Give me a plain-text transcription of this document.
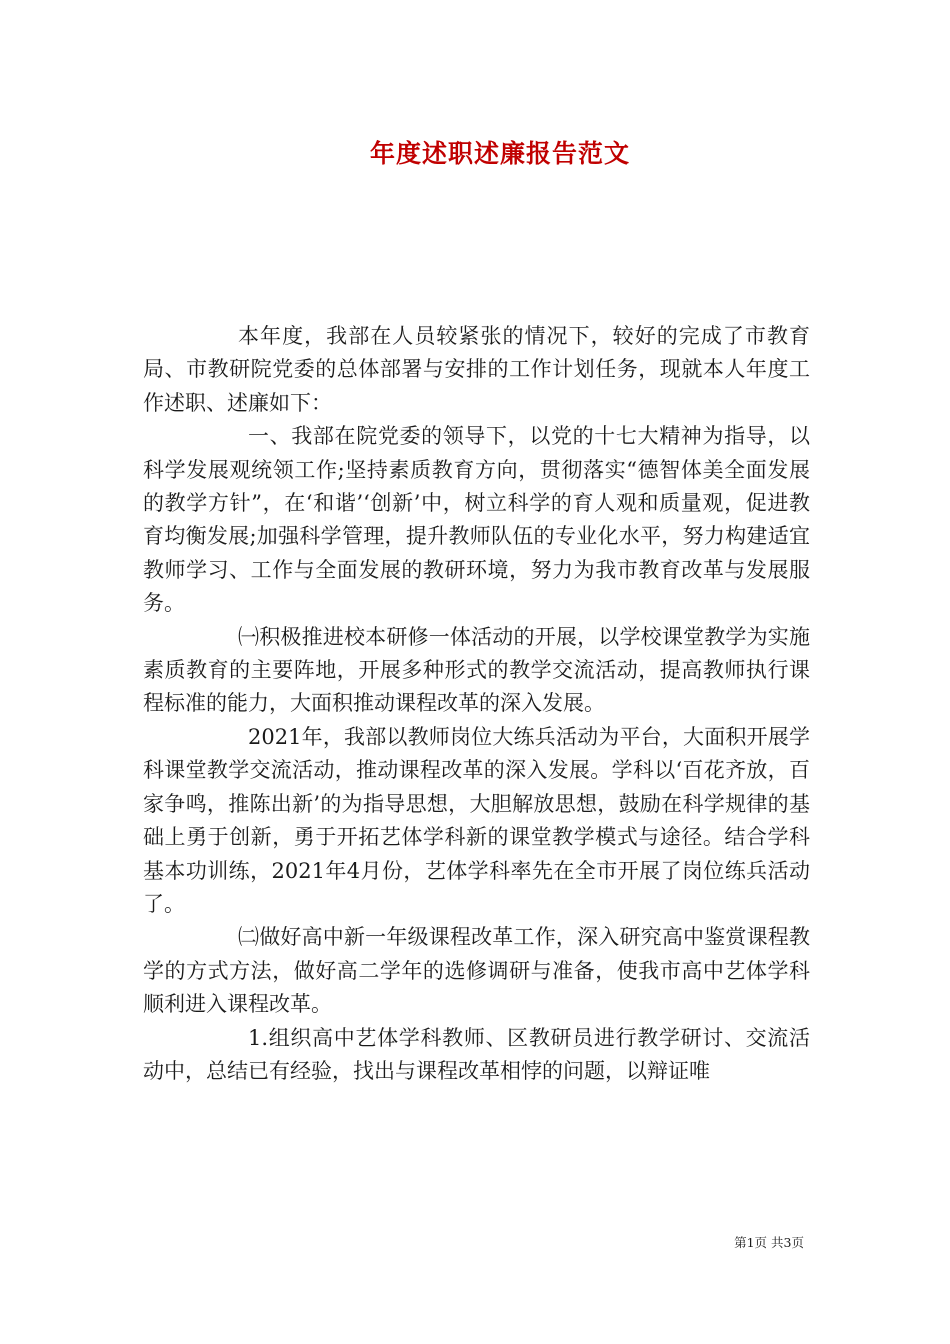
年度述职述廉报告范文

本年度，我部在人员较紧张的情况下，较好的完成了市教育局、市教研院党委的总体部署与安排的工作计划任务，现就本人年度工作述职、述廉如下：

一、我部在院党委的领导下，以党的十七大精神为指导，以科学发展观统领工作;坚持素质教育方向，贯彻落实“德智体美全面发展的教学方针”，在‘和谐’‘创新’中，树立科学的育人观和质量观，促进教育均衡发展;加强科学管理，提升教师队伍的专业化水平，努力构建适宜教师学习、工作与全面发展的教研环境，努力为我市教育改革与发展服务。

㈠积极推进校本研修一体活动的开展，以学校课堂教学为实施素质教育的主要阵地，开展多种形式的教学交流活动，提高教师执行课程标准的能力，大面积推动课程改革的深入发展。

2021年，我部以教师岗位大练兵活动为平台，大面积开展学科课堂教学交流活动，推动课程改革的深入发展。学科以‘百花齐放，百家争鸣，推陈出新’的为指导思想，大胆解放思想，鼓励在科学规律的基础上勇于创新，勇于开拓艺体学科新的课堂教学模式与途径。结合学科基本功训练，2021年4月份，艺体学科率先在全市开展了岗位练兵活动了。

㈡做好高中新一年级课程改革工作，深入研究高中鉴赏课程教学的方式方法，做好高二学年的选修调研与准备，使我市高中艺体学科顺利进入课程改革。

1.组织高中艺体学科教师、区教研员进行教学研讨、交流活动中，总结已有经验，找出与课程改革相悖的问题，以辩证唯

第1页 共3页
